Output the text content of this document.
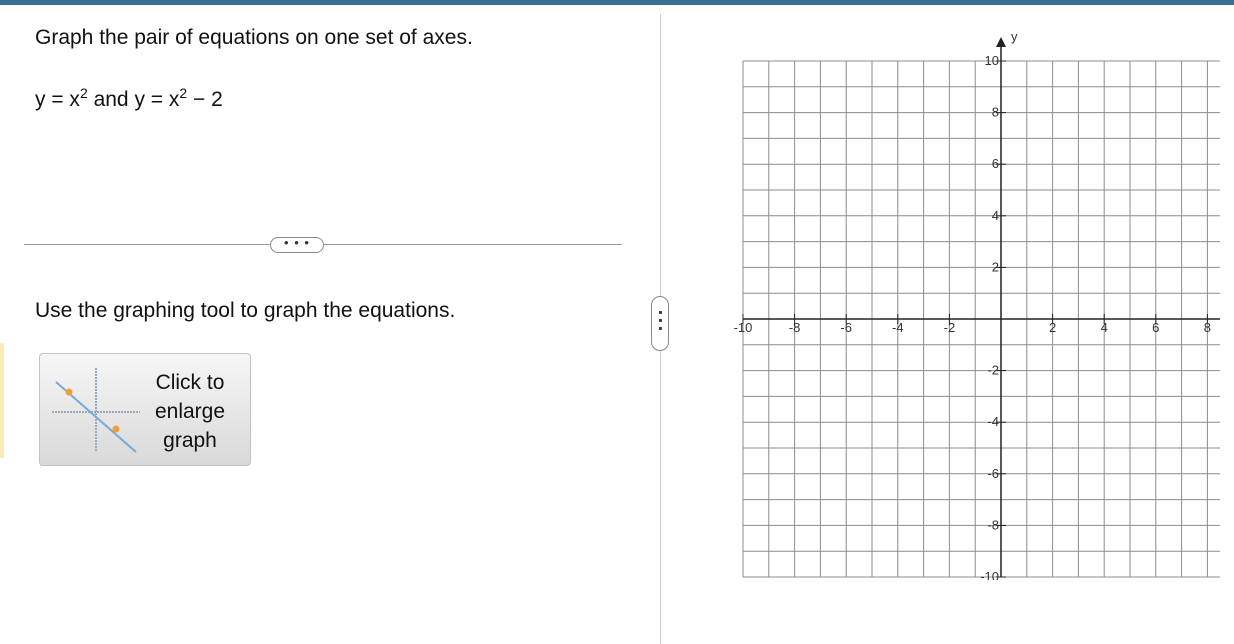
Graph the pair of equations on one set of axes.
$y = x^2$ and $y = x^2 - 2$
• • •
Use the graphing tool to graph the equations.
Click to enlarge graph
y
-10	-8	-6	-4	-2	2	4	6	8
10
8
6
4
2
-2
-4
-6
-8
-10
